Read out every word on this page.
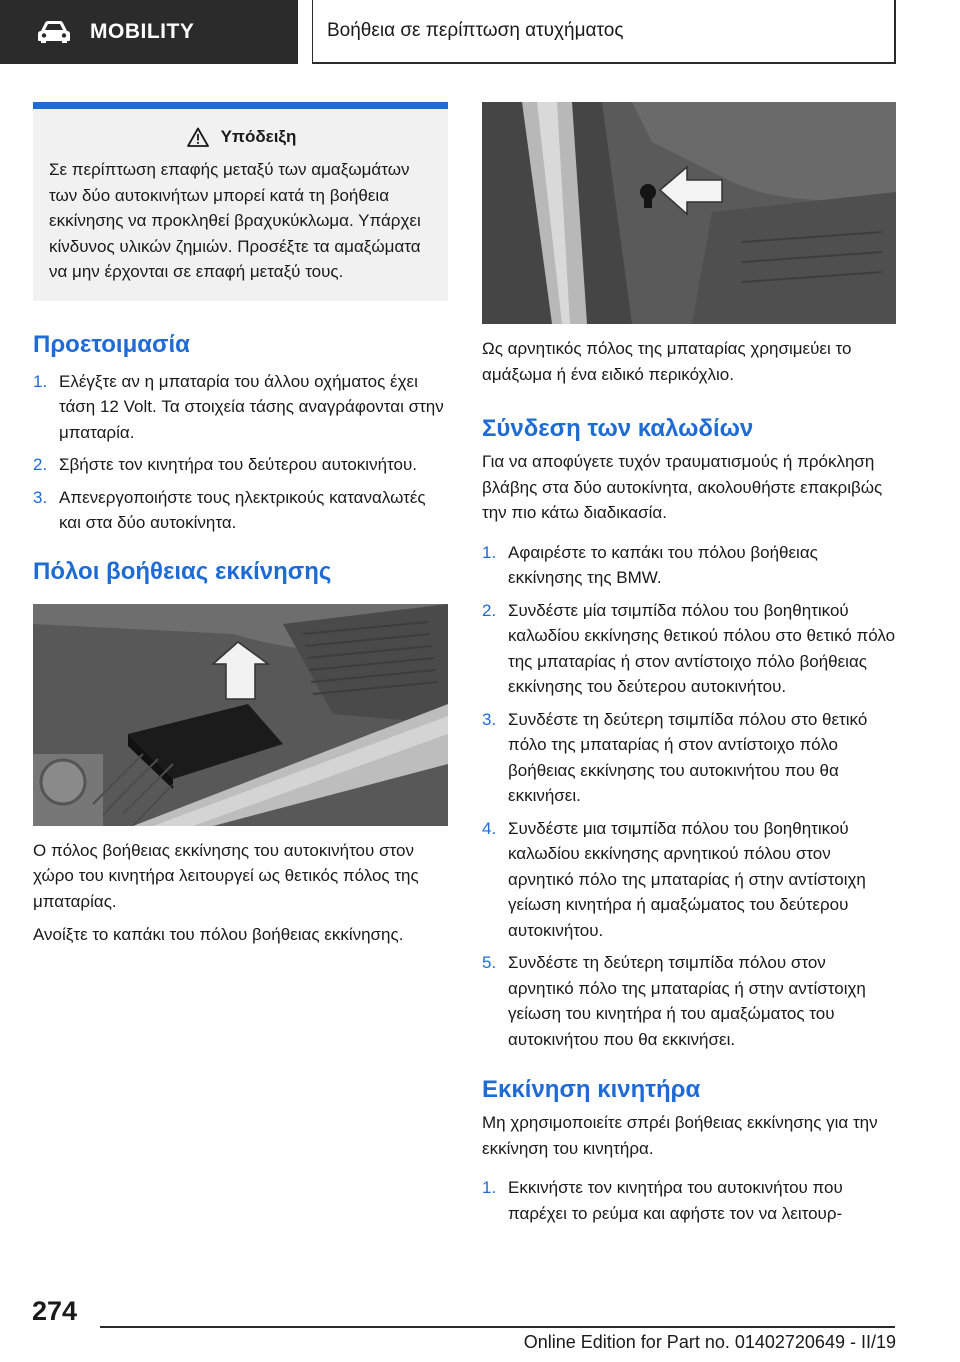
MOBILITY	Βοήθεια σε περίπτωση ατυχήματος
Υπόδειξη
Σε περίπτωση επαφής μεταξύ των αμαξωμάτων των δύο αυτοκινήτων μπορεί κατά τη βοήθεια εκκίνησης να προκληθεί βραχυκύκλωμα. Υπάρχει κίνδυνος υλικών ζημιών. Προσέξτε τα αμαξώματα να μην έρχονται σε επαφή μεταξύ τους.
Προετοιμασία
1. Ελέγξτε αν η μπαταρία του άλλου οχήματος έχει τάση 12 Volt. Τα στοιχεία τάσης αναγράφονται στην μπαταρία.
2. Σβήστε τον κινητήρα του δεύτερου αυτοκινήτου.
3. Απενεργοποιήστε τους ηλεκτρικούς καταναλωτές και στα δύο αυτοκίνητα.
Πόλοι βοήθειας εκκίνησης

Ο πόλος βοήθειας εκκίνησης του αυτοκινήτου στον χώρο του κινητήρα λειτουργεί ως θετικός πόλος της μπαταρίας.

Ανοίξτε το καπάκι του πόλου βοήθειας εκκίνησης.

Ως αρνητικός πόλος της μπαταρίας χρησιμεύει το αμάξωμα ή ένα ειδικό περικόχλιο.

Σύνδεση των καλωδίων

Για να αποφύγετε τυχόν τραυματισμούς ή πρόκληση βλάβης στα δύο αυτοκίνητα, ακολουθήστε επακριβώς την πιο κάτω διαδικασία.

1. Αφαιρέστε το καπάκι του πόλου βοήθειας εκκίνησης της BMW.
2. Συνδέστε μία τσιμπίδα πόλου του βοηθητικού καλωδίου εκκίνησης θετικού πόλου στο θετικό πόλο της μπαταρίας ή στον αντίστοιχο πόλο βοήθειας εκκίνησης του δεύτερου αυτοκινήτου.
3. Συνδέστε τη δεύτερη τσιμπίδα πόλου στο θετικό πόλο της μπαταρίας ή στον αντίστοιχο πόλο βοήθειας εκκίνησης του αυτοκινήτου που θα εκκινήσει.
4. Συνδέστε μια τσιμπίδα πόλου του βοηθητικού καλωδίου εκκίνησης αρνητικού πόλου στον αρνητικό πόλο της μπαταρίας ή στην αντίστοιχη γείωση κινητήρα ή αμαξώματος του δεύτερου αυτοκινήτου.
5. Συνδέστε τη δεύτερη τσιμπίδα πόλου στον αρνητικό πόλο της μπαταρίας ή στην αντίστοιχη γείωση του κινητήρα ή του αμαξώματος του αυτοκινήτου που θα εκκινήσει.
Εκκίνηση κινητήρα

Μη χρησιμοποιείτε σπρέι βοήθειας εκκίνησης για την εκκίνηση του κινητήρα.

1. Εκκινήστε τον κινητήρα του αυτοκινήτου που παρέχει το ρεύμα και αφήστε τον να λειτουρ-
274
Online Edition for Part no. 01402720649 - II/19
